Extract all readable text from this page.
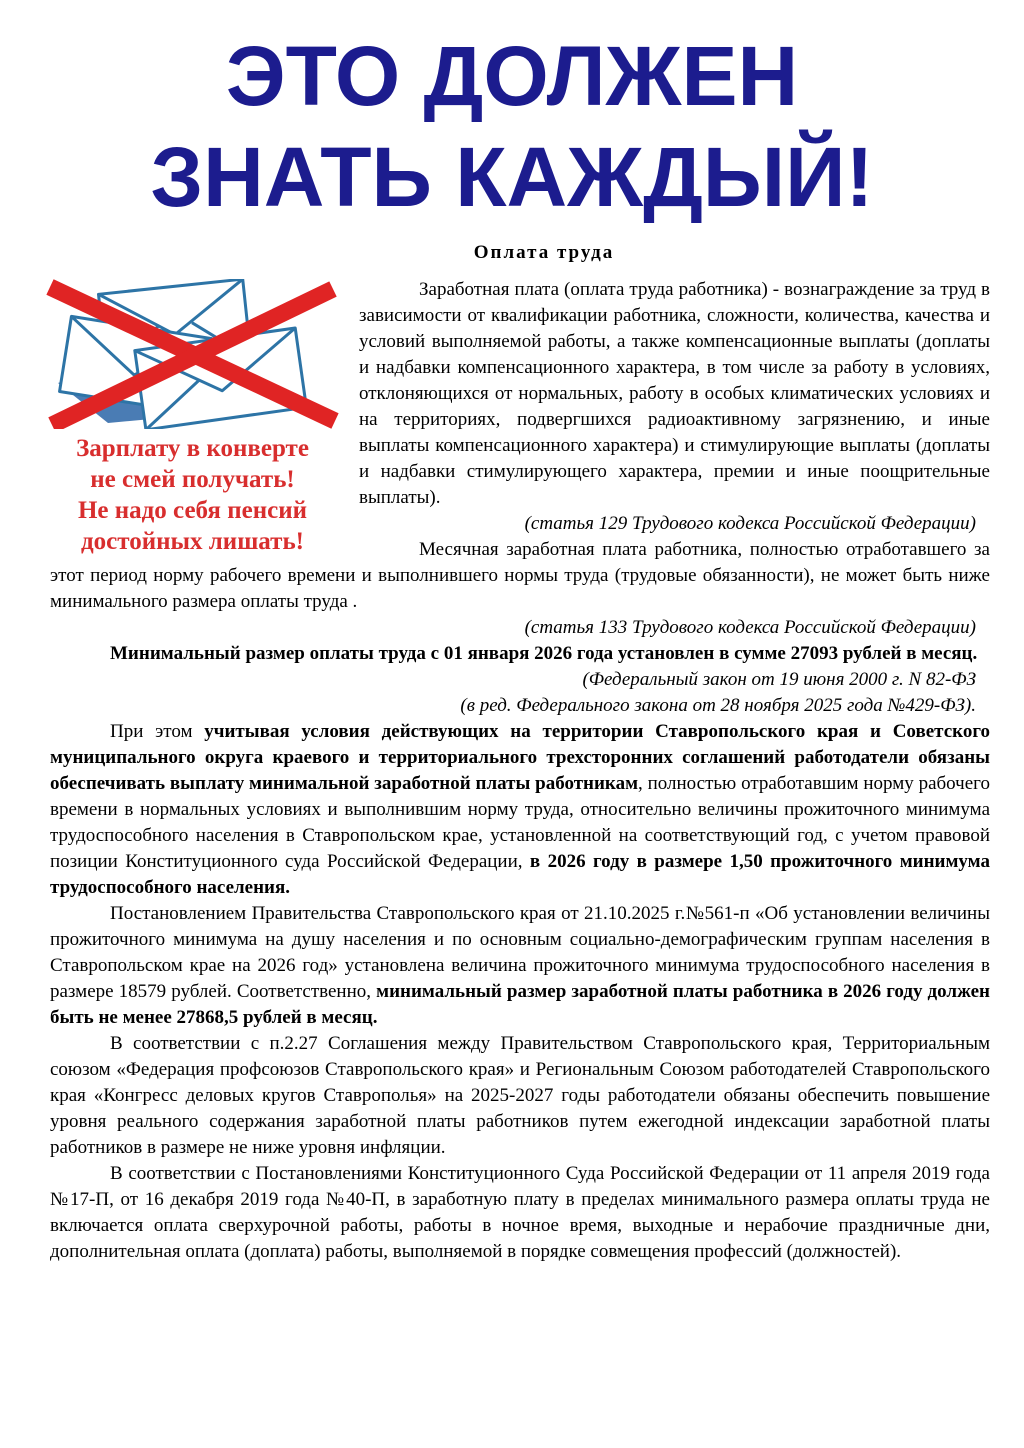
ЭТО ДОЛЖЕН
ЗНАТЬ КАЖДЫЙ!
Оплата труда
Зарплату в конверте
не смей получать!
Не надо себя пенсий
достойных лишать!

Заработная плата (оплата труда работника) - вознаграждение за труд в зависимости от квалификации работника, сложности, количества, качества и условий выполняемой работы, а также компенсационные выплаты (доплаты и надбавки компенсационного характера, в том числе за работу в условиях, отклоняющихся от нормальных, работу в особых климатических условиях и на территориях, подвергшихся радиоактивному загрязнению, и иные выплаты компенсационного характера) и стимулирующие выплаты (доплаты и надбавки стимулирующего характера, премии и иные поощрительные выплаты).

(статья 129 Трудового кодекса Российской Федерации)

Месячная заработная плата работника, полностью отработавшего за этот период норму рабочего времени и выполнившего нормы труда (трудовые обязанности), не может быть ниже минимального размера оплаты труда .

(статья 133 Трудового кодекса Российской Федерации)

Минимальный размер оплаты труда с 01 января 2026 года установлен в сумме 27093 рублей в месяц.

(Федеральный закон от 19 июня 2000 г. N 82-ФЗ

(в ред. Федерального закона от 28 ноября 2025 года №429-ФЗ).

При этом учитывая условия действующих на территории Ставропольского края и Советского муниципального округа краевого и территориального трехсторонних соглашений работодатели обязаны обеспечивать выплату минимальной заработной платы работникам, полностью отработавшим норму рабочего времени в нормальных условиях и выполнившим норму труда, относительно величины прожиточного минимума трудоспособного населения в Ставропольском крае, установленной на соответствующий год, с учетом правовой позиции Конституционного суда Российской Федерации, в 2026 году в размере 1,50 прожиточного минимума трудоспособного населения.

Постановлением Правительства Ставропольского края от 21.10.2025 г.№561-п «Об установлении величины прожиточного минимума на душу населения и по основным социально-демографическим группам населения в Ставропольском крае на 2026 год» установлена величина прожиточного минимума трудоспособного населения в размере 18579 рублей. Соответственно, минимальный размер заработной платы работника в 2026 году должен быть не менее 27868,5 рублей в месяц.

В соответствии с п.2.27 Соглашения между Правительством Ставропольского края, Территориальным союзом «Федерация профсоюзов Ставропольского края» и Региональным Союзом работодателей Ставропольского края «Конгресс деловых кругов Ставрополья» на 2025-2027 годы работодатели обязаны обеспечить повышение уровня реального содержания заработной платы работников путем ежегодной индексации заработной платы работников в размере не ниже уровня инфляции.

В соответствии с Постановлениями Конституционного Суда Российской Федерации от 11 апреля 2019 года №17-П, от 16 декабря 2019 года №40-П, в заработную плату в пределах минимального размера оплаты труда не включается оплата сверхурочной работы, работы в ночное время, выходные и нерабочие праздничные дни, дополнительная оплата (доплата) работы, выполняемой в порядке совмещения профессий (должностей).
